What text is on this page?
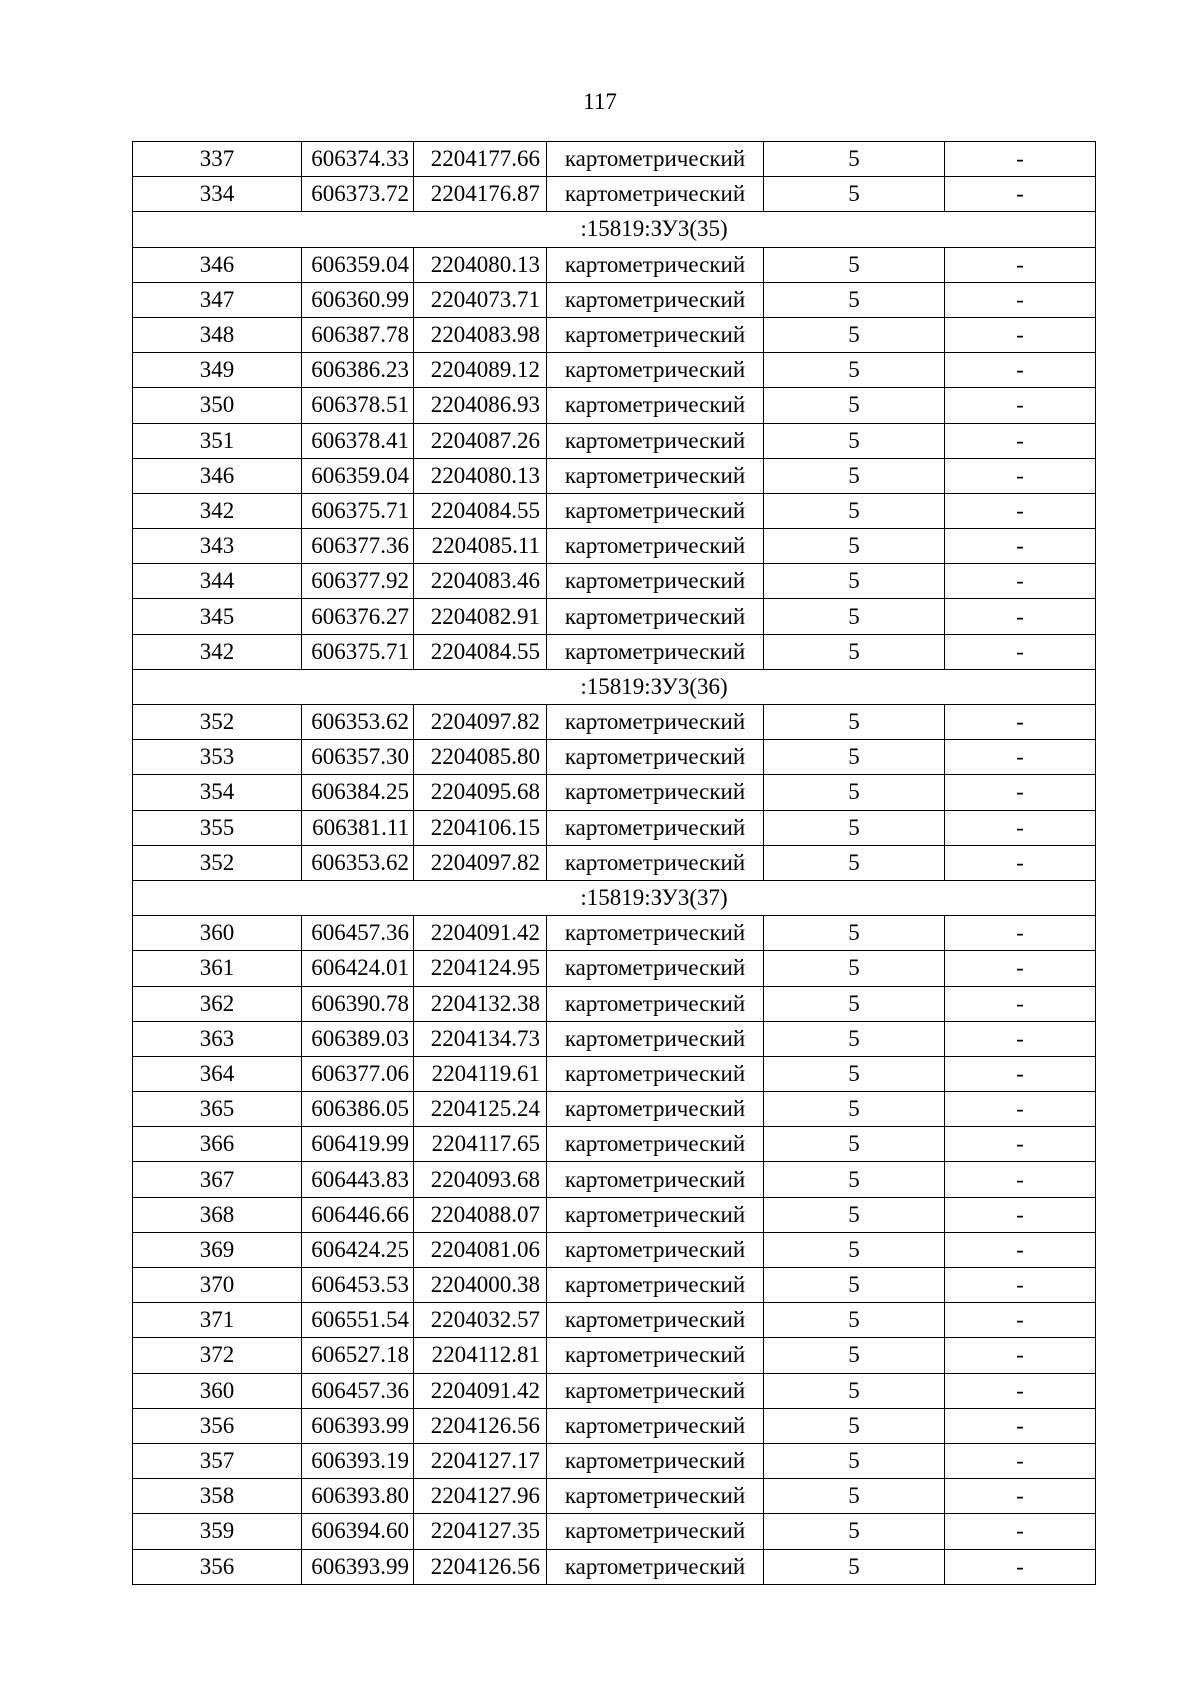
117
337	606374.33	2204177.66	картометрический	5	-
334	606373.72	2204176.87	картометрический	5	-
:15819:ЗУ3(35)					
346	606359.04	2204080.13	картометрический	5	-
347	606360.99	2204073.71	картометрический	5	-
348	606387.78	2204083.98	картометрический	5	-
349	606386.23	2204089.12	картометрический	5	-
350	606378.51	2204086.93	картометрический	5	-
351	606378.41	2204087.26	картометрический	5	-
346	606359.04	2204080.13	картометрический	5	-
342	606375.71	2204084.55	картометрический	5	-
343	606377.36	2204085.11	картометрический	5	-
344	606377.92	2204083.46	картометрический	5	-
345	606376.27	2204082.91	картометрический	5	-
342	606375.71	2204084.55	картометрический	5	-
:15819:ЗУ3(36)					
352	606353.62	2204097.82	картометрический	5	-
353	606357.30	2204085.80	картометрический	5	-
354	606384.25	2204095.68	картометрический	5	-
355	606381.11	2204106.15	картометрический	5	-
352	606353.62	2204097.82	картометрический	5	-
:15819:ЗУ3(37)					
360	606457.36	2204091.42	картометрический	5	-
361	606424.01	2204124.95	картометрический	5	-
362	606390.78	2204132.38	картометрический	5	-
363	606389.03	2204134.73	картометрический	5	-
364	606377.06	2204119.61	картометрический	5	-
365	606386.05	2204125.24	картометрический	5	-
366	606419.99	2204117.65	картометрический	5	-
367	606443.83	2204093.68	картометрический	5	-
368	606446.66	2204088.07	картометрический	5	-
369	606424.25	2204081.06	картометрический	5	-
370	606453.53	2204000.38	картометрический	5	-
371	606551.54	2204032.57	картометрический	5	-
372	606527.18	2204112.81	картометрический	5	-
360	606457.36	2204091.42	картометрический	5	-
356	606393.99	2204126.56	картометрический	5	-
357	606393.19	2204127.17	картометрический	5	-
358	606393.80	2204127.96	картометрический	5	-
359	606394.60	2204127.35	картометрический	5	-
356	606393.99	2204126.56	картометрический	5	-
